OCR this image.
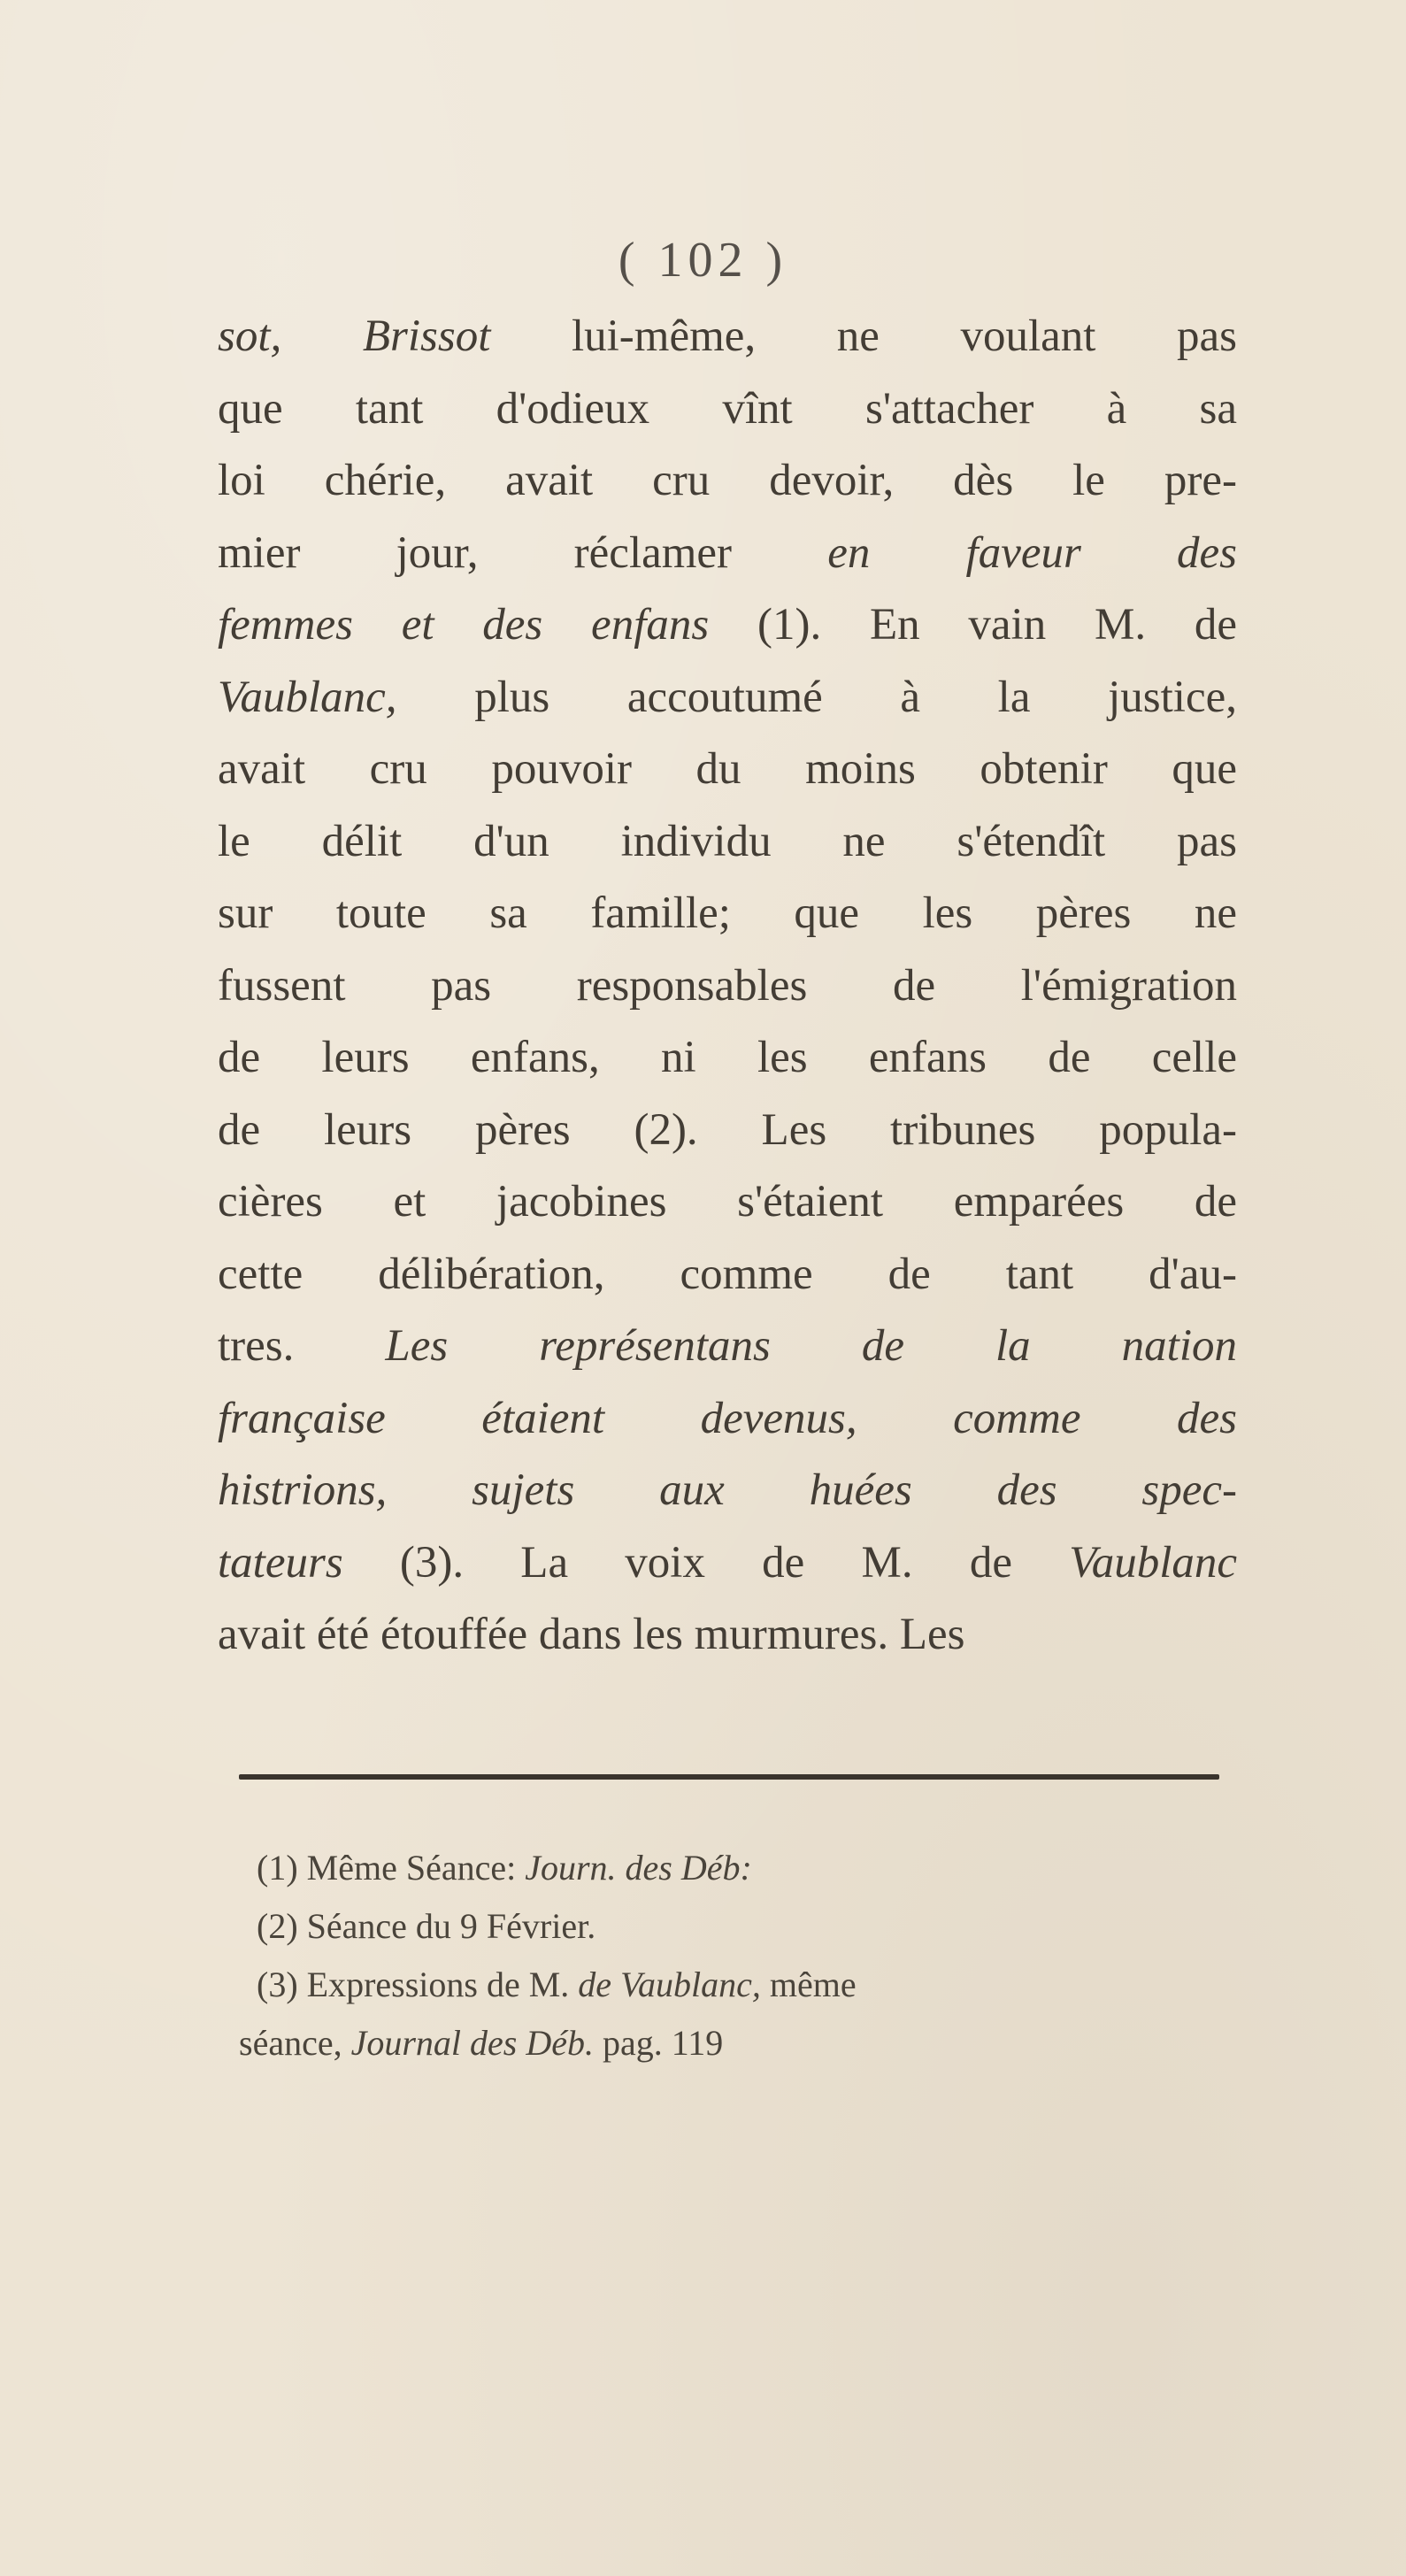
( 102 )
sot, Brissot lui-même, ne voulant pas
que tant d'odieux vînt s'attacher à sa
loi chérie, avait cru devoir, dès le pre-
mier jour, réclamer en faveur des
femmes et des enfans (1). En vain M. de
Vaublanc, plus accoutumé à la justice,
avait cru pouvoir du moins obtenir que
le délit d'un individu ne s'étendît pas
sur toute sa famille; que les pères ne
fussent pas responsables de l'émigration
de leurs enfans, ni les enfans de celle
de leurs pères (2). Les tribunes popula-
cières et jacobines s'étaient emparées de
cette délibération, comme de tant d'au-
tres. Les représentans de la nation
française étaient devenus, comme des
histrions, sujets aux huées des spec-
tateurs (3). La voix de M. de Vaublanc
avait été étouffée dans les murmures. Les
(1) Même Séance: Journ. des Déb:
(2) Séance du 9 Février.
(3) Expressions de M. de Vaublanc, même
séance, Journal des Déb. pag. 119
